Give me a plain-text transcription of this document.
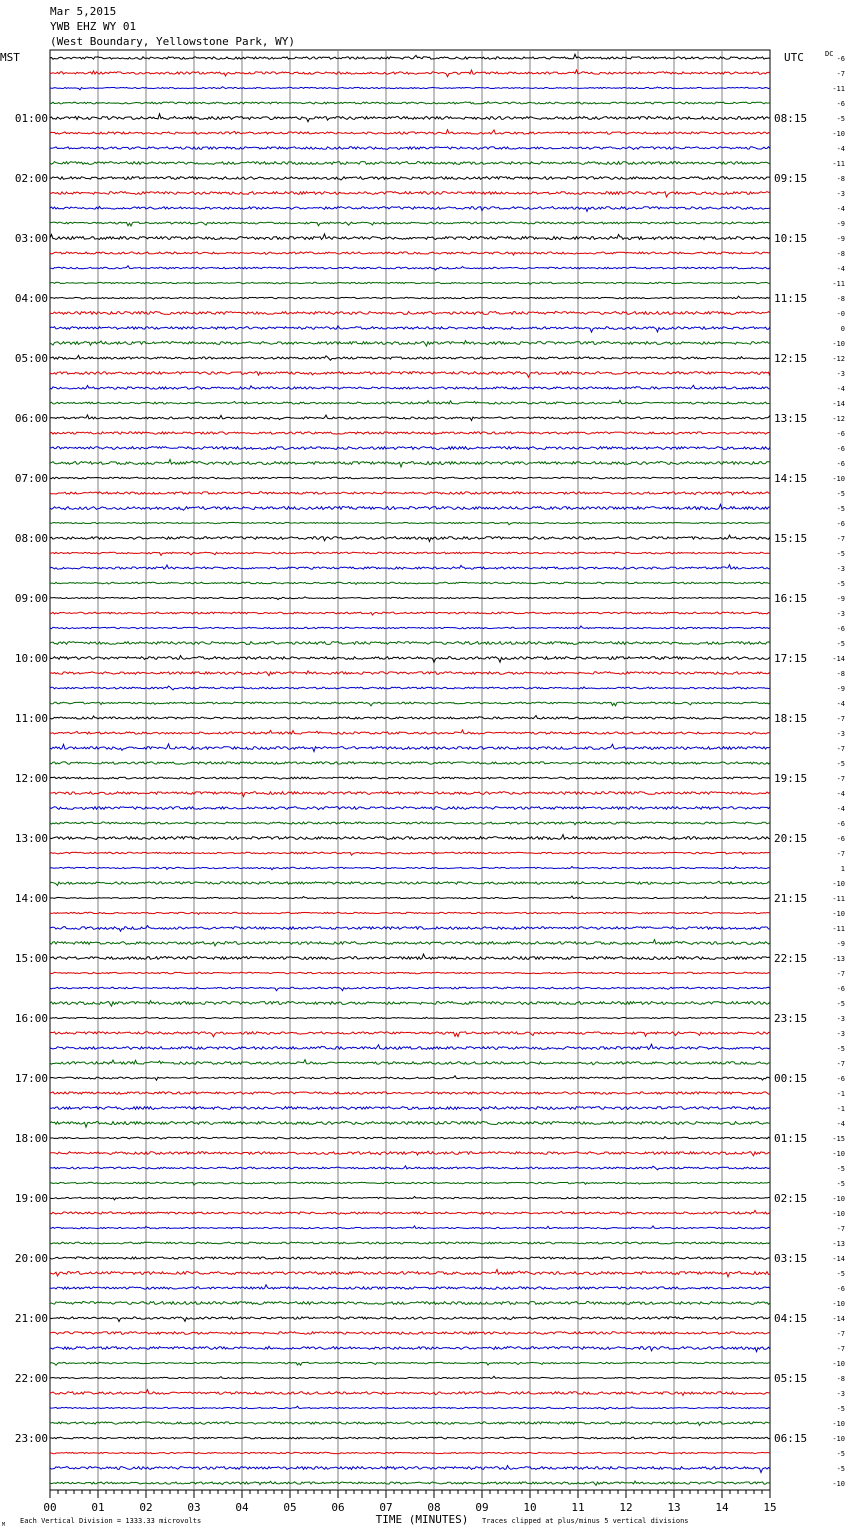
Mar 5,2015
YWB EHZ WY 01
(West Boundary, Yellowstone Park, WY)
MST	UTC	DC
01:00
02:00
03:00
04:00
05:00
06:00
07:00
08:00
09:00
10:00
11:00
12:00
13:00
14:00
15:00
16:00
17:00
18:00
19:00
20:00
21:00
22:00
23:00
08:15
09:15
10:15
11:15
12:15
13:15
14:15
15:15
16:15
17:15
18:15
19:15
20:15
21:15
22:15
23:15
00:15
01:15
02:15
03:15
04:15
05:15
06:15
-6
-7
-11
-6
-5
-10
-4
-11
-8
-3
-4
-9
-9
-8
-4
-11
-8
-0
0
-10
-12
-3
-4
-14
-12
-6
-6
-6
-10
-5
-5
-6
-7
-5
-3
-5
-9
-3
-6
-5
-14
-8
-9
-4
-7
-3
-7
-5
-7
-4
-4
-6
-6
-7
1
-10
-11
-10
-11
-9
-13
-7
-6
-5
-3
-3
-5
-7
-6
-1
-1
-4
-15
-10
-5
-5
-10
-10
-7
-13
-14
-5
-6
-10
-14
-7
-7
-10
-8
-3
-5
-10
-10
-5
-5
-10
00	01	02	03	04	05	06	07	08	09	10	11	12	13	14	15
TIME (MINUTES)
Each Vertical Division = 1333.33 microvolts	Traces clipped at plus/minus 5 vertical divisions
M
